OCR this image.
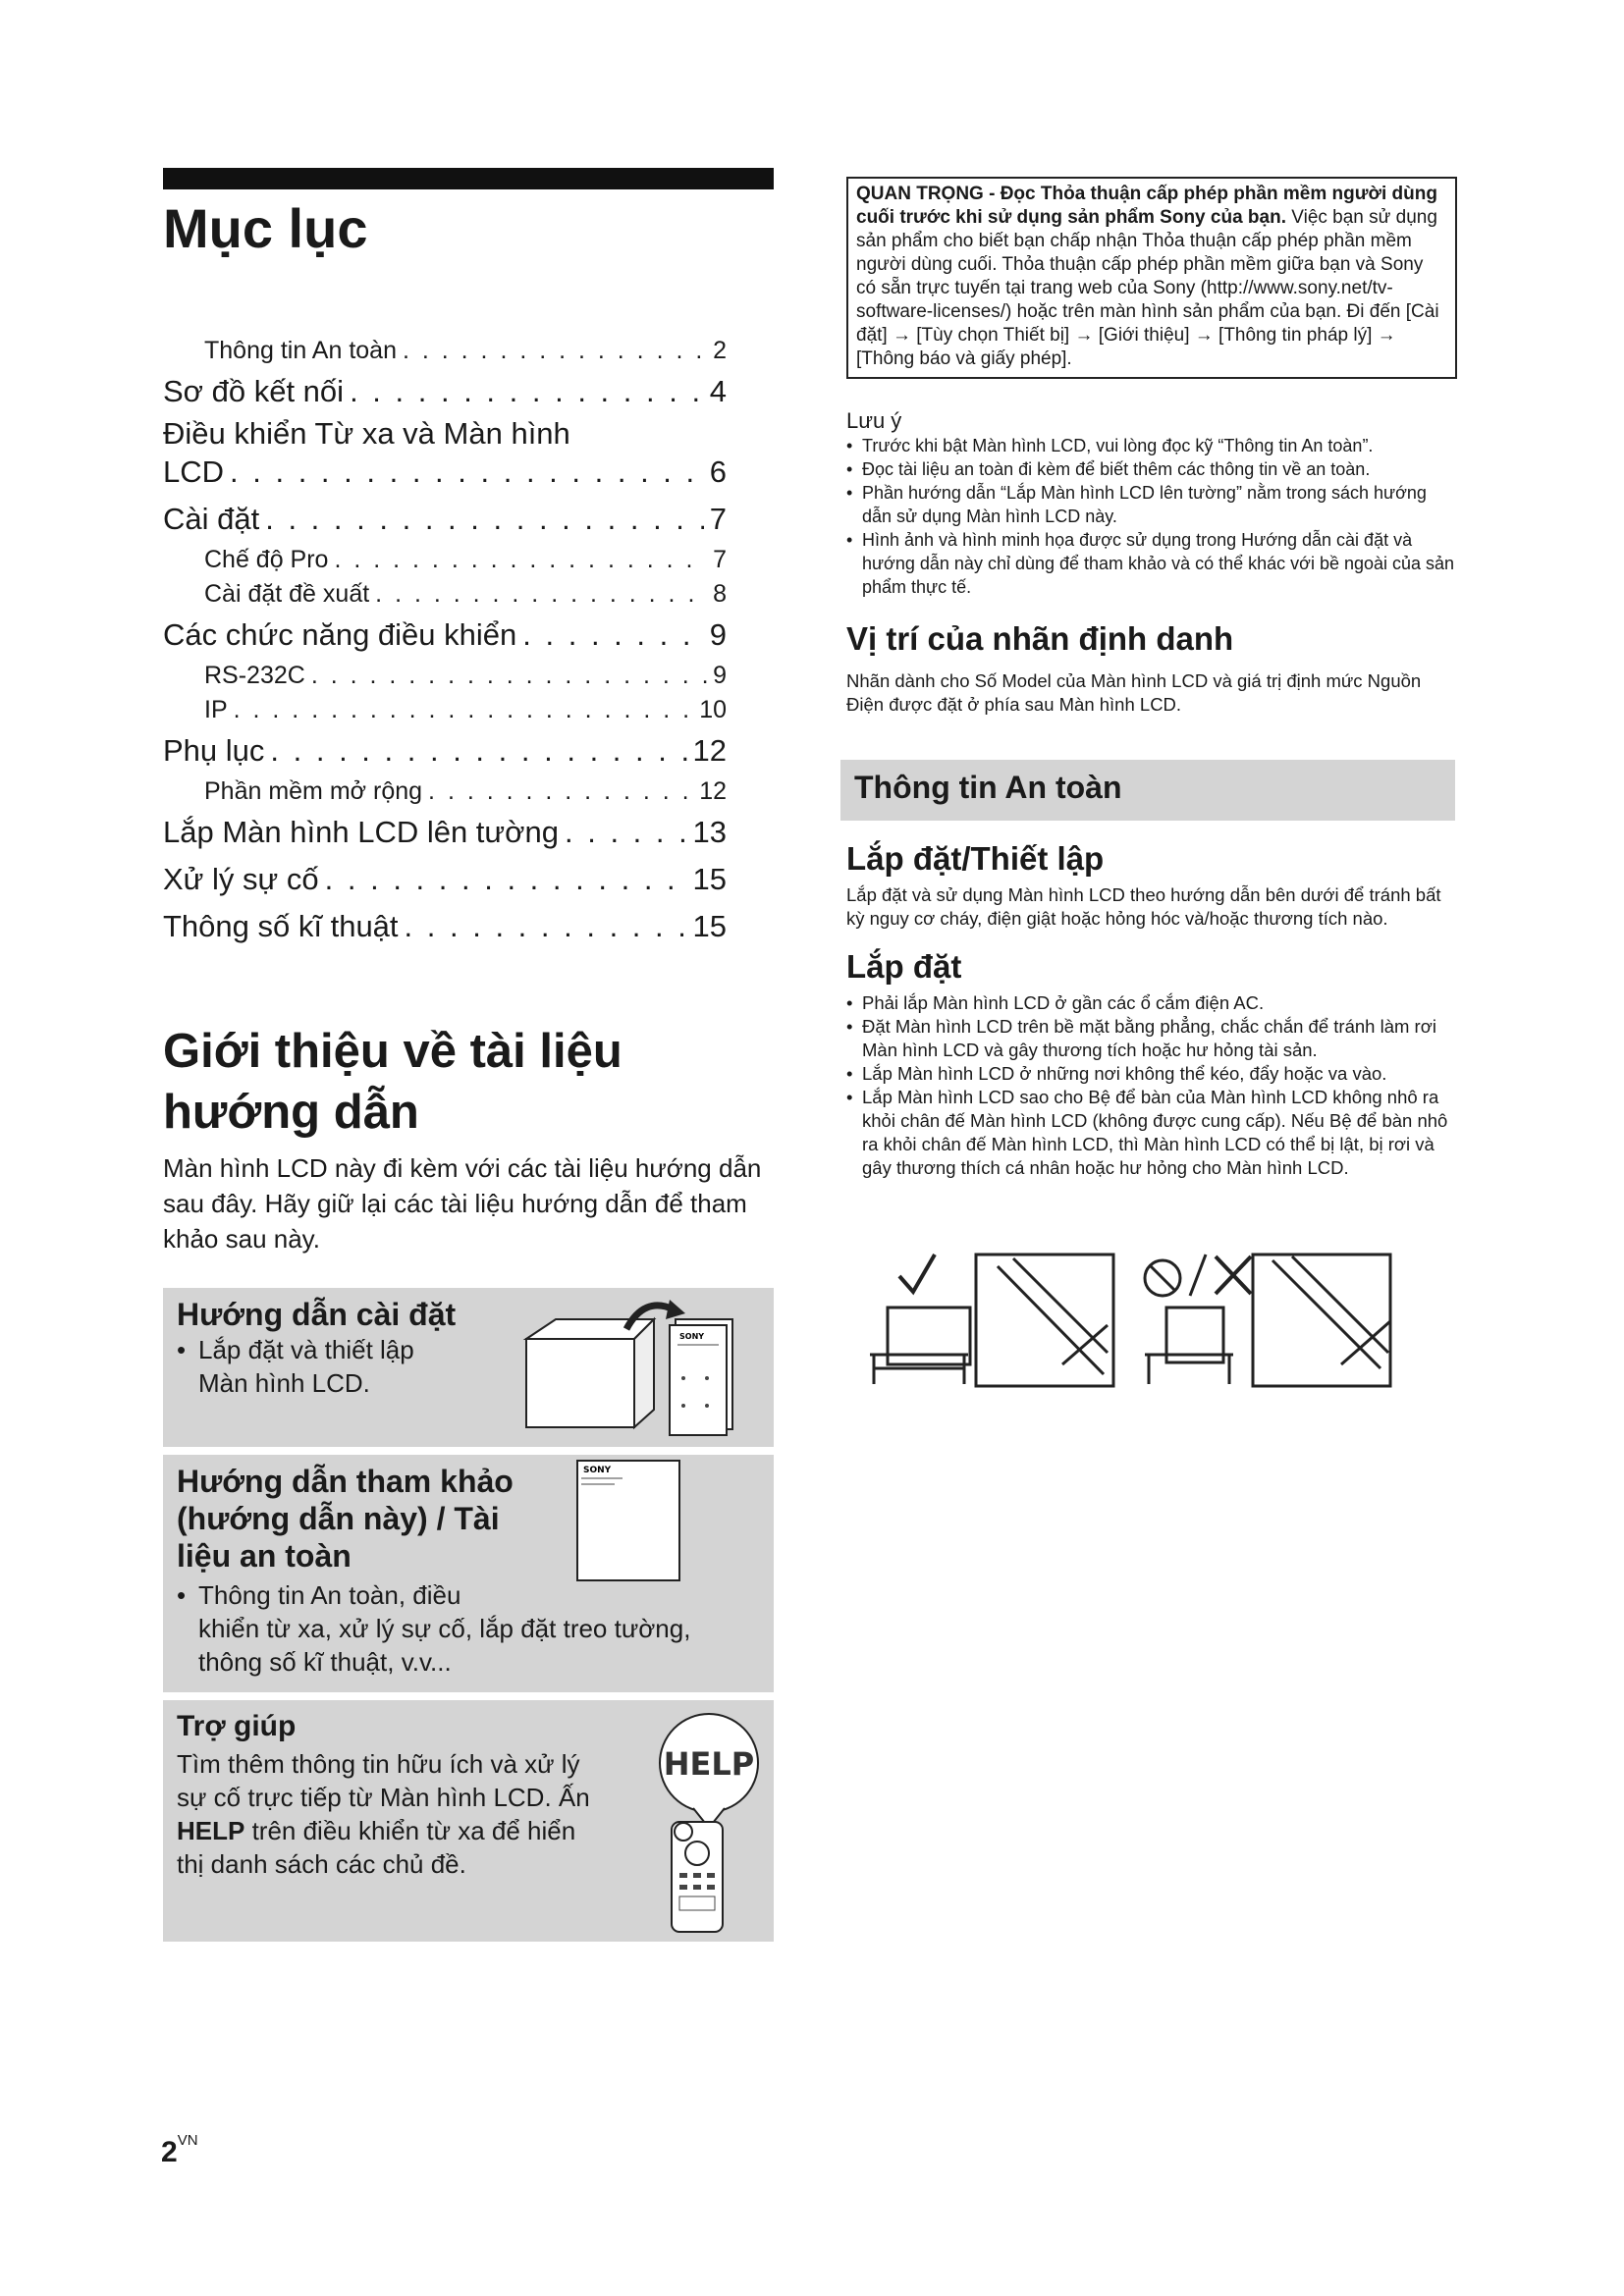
Mục lục
Thông tin An toàn . . .	2
Sơ đồ kết nối . . .	4
Điều khiển Từ xa và Màn hình
LCD . . .	6
Cài đặt . . .	7
Chế độ Pro . . .	7
Cài đặt đề xuất . . .	8
Các chức năng điều khiển . . .	9
RS-232C . . .	9
IP . . .	10
Phụ lục . . .	12
Phần mềm mở rộng . . .	12
Lắp Màn hình LCD lên tường . . .	13
Xử lý sự cố . . .	15
Thông số kĩ thuật . . .	15
Giới thiệu về tài liệu hướng dẫn

Màn hình LCD này đi kèm với các tài liệu hướng dẫn sau đây. Hãy giữ lại các tài liệu hướng dẫn để tham khảo sau này.

Hướng dẫn cài đặt
• Lắp đặt và thiết lập
Màn hình LCD.
SONY
Hướng dẫn tham khảo
(hướng dẫn này) / Tài
liệu an toàn
• Thông tin An toàn, điều
khiển từ xa, xử lý sự cố, lắp đặt treo tường,
thông số kĩ thuật, v.v...
SONY
Trợ giúp
Tìm thêm thông tin hữu ích và xử lý
sự cố trực tiếp từ Màn hình LCD. Ấn
HELP trên điều khiển từ xa để hiển
thị danh sách các chủ đề.
HELP
QUAN TRỌNG - Đọc Thỏa thuận cấp phép phần mềm người dùng cuối trước khi sử dụng sản phẩm Sony của bạn. Việc bạn sử dụng sản phẩm cho biết bạn chấp nhận Thỏa thuận cấp phép phần mềm người dùng cuối. Thỏa thuận cấp phép phần mềm giữa bạn và Sony có sẵn trực tuyến tại trang web của Sony (http://www.sony.net/tv-software-licenses/) hoặc trên màn hình sản phẩm của bạn. Đi đến [Cài đặt] → [Tùy chọn Thiết bị] → [Giới thiệu] → [Thông tin pháp lý] → [Thông báo và giấy phép].
Lưu ý
• Trước khi bật Màn hình LCD, vui lòng đọc kỹ “Thông tin An toàn”.
• Đọc tài liệu an toàn đi kèm để biết thêm các thông tin về an toàn.
• Phần hướng dẫn “Lắp Màn hình LCD lên tường” nằm trong sách hướng dẫn sử dụng Màn hình LCD này.
• Hình ảnh và hình minh họa được sử dụng trong Hướng dẫn cài đặt và hướng dẫn này chỉ dùng để tham khảo và có thể khác với bề ngoài của sản phẩm thực tế.
Vị trí của nhãn định danh

Nhãn dành cho Số Model của Màn hình LCD và giá trị định mức Nguồn Điện được đặt ở phía sau Màn hình LCD.

Thông tin An toàn
Lắp đặt/Thiết lập

Lắp đặt và sử dụng Màn hình LCD theo hướng dẫn bên dưới để tránh bất kỳ nguy cơ cháy, điện giật hoặc hỏng hóc và/hoặc thương tích nào.

Lắp đặt
• Phải lắp Màn hình LCD ở gần các ổ cắm điện AC.
• Đặt Màn hình LCD trên bề mặt bằng phẳng, chắc chắn để tránh làm rơi Màn hình LCD và gây thương tích hoặc hư hỏng tài sản.
• Lắp Màn hình LCD ở những nơi không thể kéo, đẩy hoặc va vào.
• Lắp Màn hình LCD sao cho Bệ để bàn của Màn hình LCD không nhô ra khỏi chân đế Màn hình LCD (không được cung cấp). Nếu Bệ để bàn nhô ra khỏi chân đế Màn hình LCD, thì Màn hình LCD có thể bị lật, bị rơi và gây thương thích cá nhân hoặc hư hỏng cho Màn hình LCD.
$2^{VN}$
